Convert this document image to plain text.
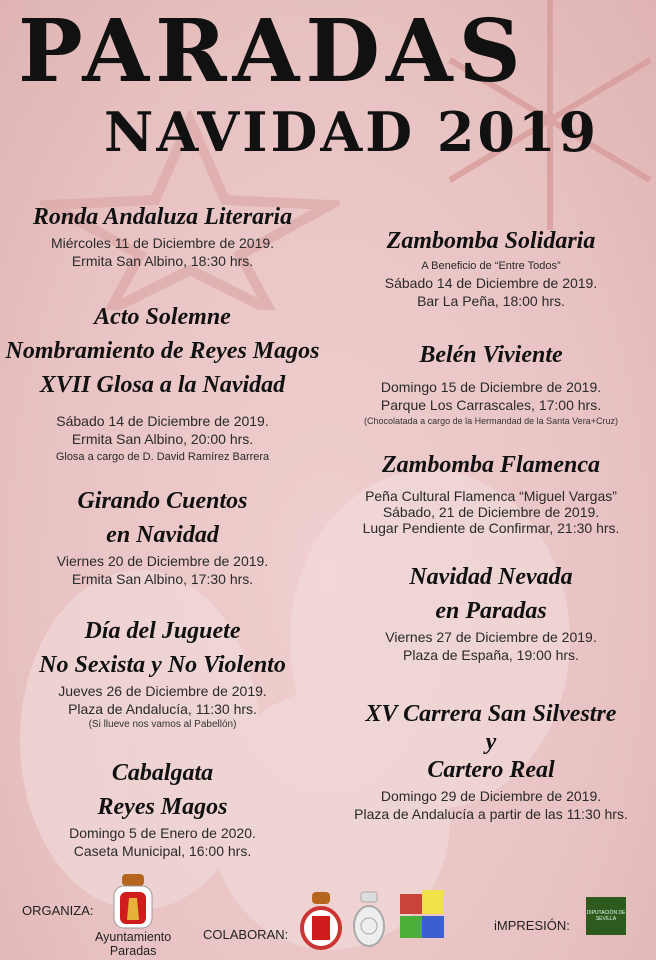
PARADAS
NAVIDAD 2019
Ronda Andaluza Literaria
Miércoles 11 de Diciembre de 2019.
Ermita San Albino, 18:30 hrs.
Acto Solemne
Nombramiento de Reyes Magos
XVII Glosa a la Navidad
Sábado 14 de Diciembre de 2019.
Ermita San Albino, 20:00 hrs.
Glosa a cargo de D. David Ramírez Barrera
Girando Cuentos
en Navidad
Viernes 20 de Diciembre de 2019.
Ermita San Albino, 17:30 hrs.
Día del Juguete
No Sexista y No Violento
Jueves 26 de Diciembre de 2019.
Plaza de Andalucía, 11:30 hrs.
(Si llueve nos vamos al Pabellón)
Cabalgata
Reyes Magos
Domingo 5 de Enero de 2020.
Caseta Municipal, 16:00 hrs.
Zambomba Solidaria
A Beneficio de “Entre Todos”
Sábado 14 de Diciembre de 2019.
Bar La Peña, 18:00 hrs.
Belén Viviente
Domingo 15 de Diciembre de 2019.
Parque Los Carrascales, 17:00 hrs.
(Chocolatada a cargo de la Hermandad de la Santa Vera+Cruz)
Zambomba Flamenca
Peña Cultural Flamenca “Miguel Vargas”
Sábado, 21 de Diciembre de 2019.
Lugar Pendiente de Confirmar, 21:30 hrs.
Navidad Nevada
en Paradas
Viernes 27 de Diciembre de 2019.
Plaza de España, 19:00 hrs.
XV Carrera San Silvestre
y
Cartero Real
Domingo 29 de Diciembre de 2019.
Plaza de Andalucía a partir de las 11:30 hrs.
ORGANIZA:
Ayuntamiento
Paradas
COLABORAN:
iMPRESIÓN:
DIPUTACIÓN DE SEVILLA
